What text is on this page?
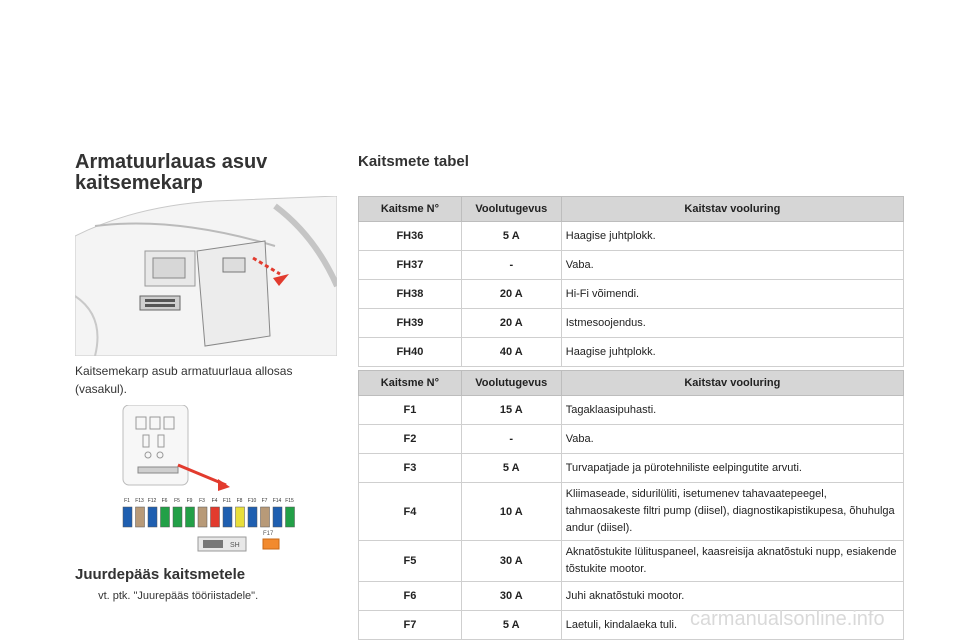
Armatuurlauas asuv
kaitsemekarp
Kaitsemekarp asub armatuurlaua allosas (vasakul).
F1 F13 F12 F6 F5 F9 F3 F4 F11 F8 F10 F7 F14 F15
SH
F17
Juurdepääs kaitsmetele
vt. ptk. "Juurepääs tööriistadele".
Kaitsmete tabel
Kaitsme N°	Voolutugevus	Kaitstav vooluring
FH36	5 A	Haagise juhtplokk.
FH37	-	Vaba.
FH38	20 A	Hi-Fi võimendi.
FH39	20 A	Istmesoojendus.
FH40	40 A	Haagise juhtplokk.
Kaitsme N°	Voolutugevus	Kaitstav vooluring
F1	15 A	Tagaklaasipuhasti.
F2	-	Vaba.
F3	5 A	Turvapatjade ja pürotehniliste eelpingutite arvuti.
F4	10 A	Kliimaseade, sidurilüliti, isetumenev tahavaatepeegel, tahmaosakeste filtri pump (diisel), diagnostikapistikupesa, õhuhulga andur (diisel).
F5	30 A	Aknatõstukite lülituspaneel, kaasreisija aknatõstuki nupp, esiakende tõstukite mootor.
F6	30 A	Juhi aknatõstuki mootor.
F7	5 A	Laetuli, kindalaeka tuli. carmanualsonline.info
